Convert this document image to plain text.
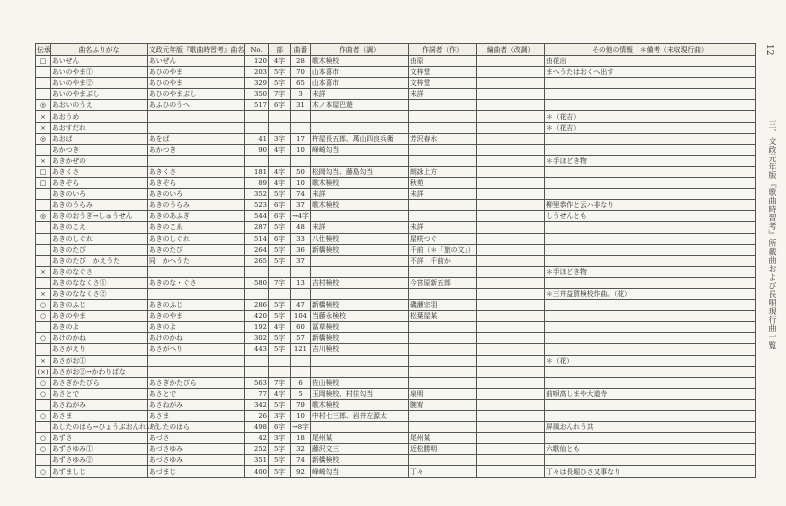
伝承	曲名ふりがな	文政元年版『歌曲時習考』曲名	No.	部	曲番	作曲者（調）	作詞者（作）	編曲者（改調）	その他の情報　＊備考（未収現行曲）
□	あいぜん	あいぜん	120	4字	28	歌木検校	由原		由花出
	あいのやま①	あひのやま	203	5字	70	山本喜市	文梓堂		まへうたはおくへ出す
	あいのやま②	あひのやま	329	5字	65	山本喜市	文梓堂		
	あいのやまぶし	あひのやまぶし	350	7字	3	未詳	未詳		
◎	あおいのうえ	あふひのうへ	517	6字	31	木ノ本屋巴遊			
×	あおうめ								＊（花吉）
×	あおすだれ								＊（花吉）
◎	あおば	あをば	41	3字	17	杵屋長五郎、萬山四良兵衛	芳沢春水		
	あかつき	あかつき	90	4字	10	峰崎勾当			
×	あきかぜの								＊手ほどき物
□	あきくさ	あきくさ	181	4字	50	松岡勾当、藤島勾当	朗詠上方		
□	あきぞら	あきぞら	89	4字	10	歌木検校	秋苑		
	あきのいろ	あきのいろ	352	5字	74	未詳	未詳		
	あきのうらみ	あきのうらみ	523	6字	37	歌木検校			柳里恭作と云ハ非なり
◎	あきのおうぎ→しゅうせん	あきのあふぎ	544	6字	→4字				しうせんとも
	あきのこえ	あきのこゑ	287	5字	48	未詳	未詳		
	あきのしぐれ	あきのしぐれ	514	6字	33	八仕検校	屋咲つぐ		
	あきのたび	あきのたび	264	5字	36	新橋検校	千前（＊「旅の文」）		
	あきのたび　かえうた	同　かへうた	265	5字	37		不詳　千前か		
×	あきのなぐさ								＊手ほどき物
	あきのななくさ①	あきのな・ぐさ	580	7字	13	吉村検校	今宮原新五郎		
×	あきのななくさ②								＊三井益賀検校作曲。（花）
○	あきのふじ	あきのふじ	286	5字	47	新橋検校	磯瀬宗羽		
○	あきのやま	あきのやま	420	5字	104	当藤永検校	松葉屋某		
	あきのよ	あきのよ	192	4字	60	冨草検校			
○	あけのかね	あけのかね	302	5字	57	新橋検校			
	あさがえり	あさがへり	443	5字	121	吉川検校			
×	あさがお①								＊（花）
(×)	あさがお②→かわりばな								
○	あさぎかたびら	あさぎかたびら	563	7字	6	佐山検校			
○	あさとで	あさとで	77	4字	5	玉岡検校、村住勾当	泉明		前唄高しまや大道寺
	あさねがみ	あさねがみ	342	5字	79	歌木検校	腕宥		
○	あさま	あさま	26	3字	10	中村七三郎、岩井左源太			
	あしたのはら→ひょうぶおんれいう	あしたのはら	498	6字	→8字				屏風おんれう共
○	あずさ	あづさ	42	3字	18	尾州某	尾州某		
○	あずさゆみ①	あづさゆみ	252	5字	32	藤沢文三	近松勝明		六歌仙とも
	あずさゆみ②	あづさゆみ	351	5字	74	新橋検校			
○	あずましじ	あづまじ	400	5字	92	峰崎勾当	丁々		丁々は長堀ひさ又事なり
12
三、文政元年版『歌曲時習考』所載曲および長唄現行曲一覧
